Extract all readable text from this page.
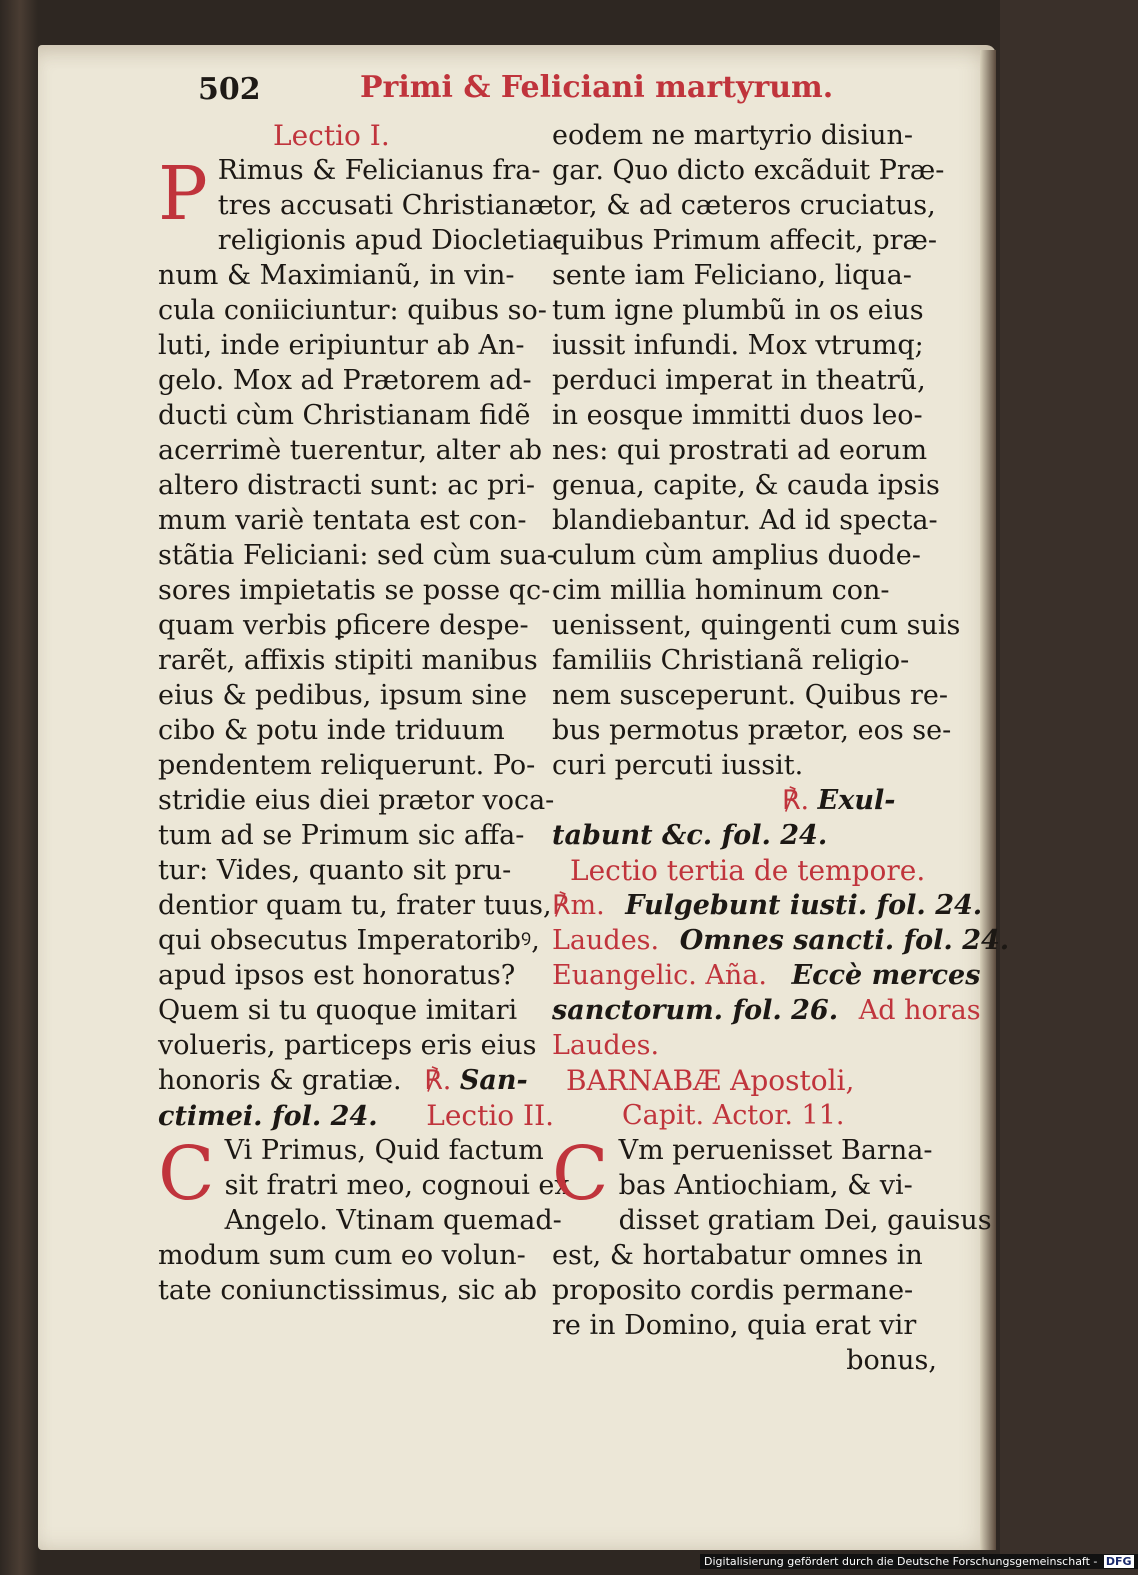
502	Primi & Feliciani martyrum.
Lectio I.
P Rimus & Felicianus fra-
tres accusati Christianæ
religionis apud Diocletia-
num & Maximianũ, in vin-
cula coniiciuntur: quibus so-
luti, inde eripiuntur ab An-
gelo. Mox ad Prætorem ad-
ducti cùm Christianam fidẽ
acerrimè tuerentur, alter ab
altero distracti sunt: ac pri-
mum variè tentata est con-
stãtia Feliciani: sed cùm sua-
sores impietatis se posse qc-
quam verbis ꝑficere despe-
rarẽt, affixis stipiti manibus
eius & pedibus, ipsum sine
cibo & potu inde triduum
pendentem reliquerunt. Po-
stridie eius diei prætor voca-
tum ad se Primum sic affa-
tur: Vides, quanto sit pru-
dentior quam tu, frater tuus,
qui obsecutus Imperatoribꝰ,
apud ipsos est honoratus?
Quem si tu quoque imitari
volueris, particeps eris eius
honoris & gratiæ. ℟. San-
ctimei. fol. 24. Lectio II.
C Vi Primus, Quid factum
sit fratri meo, cognoui ex
Angelo. Vtinam quemad-
modum sum cum eo volun-
tate coniunctissimus, sic ab
eodem ne martyrio disiun-
gar. Quo dicto excãduit Præ-
tor, & ad cæteros cruciatus,
quibus Primum affecit, præ-
sente iam Feliciano, liqua-
tum igne plumbũ in os eius
iussit infundi. Mox vtrumq;
perduci imperat in theatrũ,
in eosque immitti duos leo-
nes: qui prostrati ad eorum
genua, capite, & cauda ipsis
blandiebantur. Ad id specta-
culum cùm amplius duode-
cim millia hominum con-
uenissent, quingenti cum suis
familiis Christianã religio-
nem susceperunt. Quibus re-
bus permotus prætor, eos se-
curi percuti iussit.
℟. Exul-
tabunt &c. fol. 24.
Lectio tertia de tempore.
℟m. Fulgebunt iusti. fol. 24.
Laudes. Omnes sancti. fol. 24.
Euangelic. Aña. Eccè merces
sanctorum. fol. 26. Ad horas
Laudes.
BARNABÆ Apostoli,
Capit. Actor. 11.
C Vm peruenisset Barna-
bas Antiochiam, & vi-
disset gratiam Dei, gauisus
est, & hortabatur omnes in
proposito cordis permane-
re in Domino, quia erat vir
bonus,
Digitalisierung gefördert durch die Deutsche Forschungsgemeinschaft - DFG
